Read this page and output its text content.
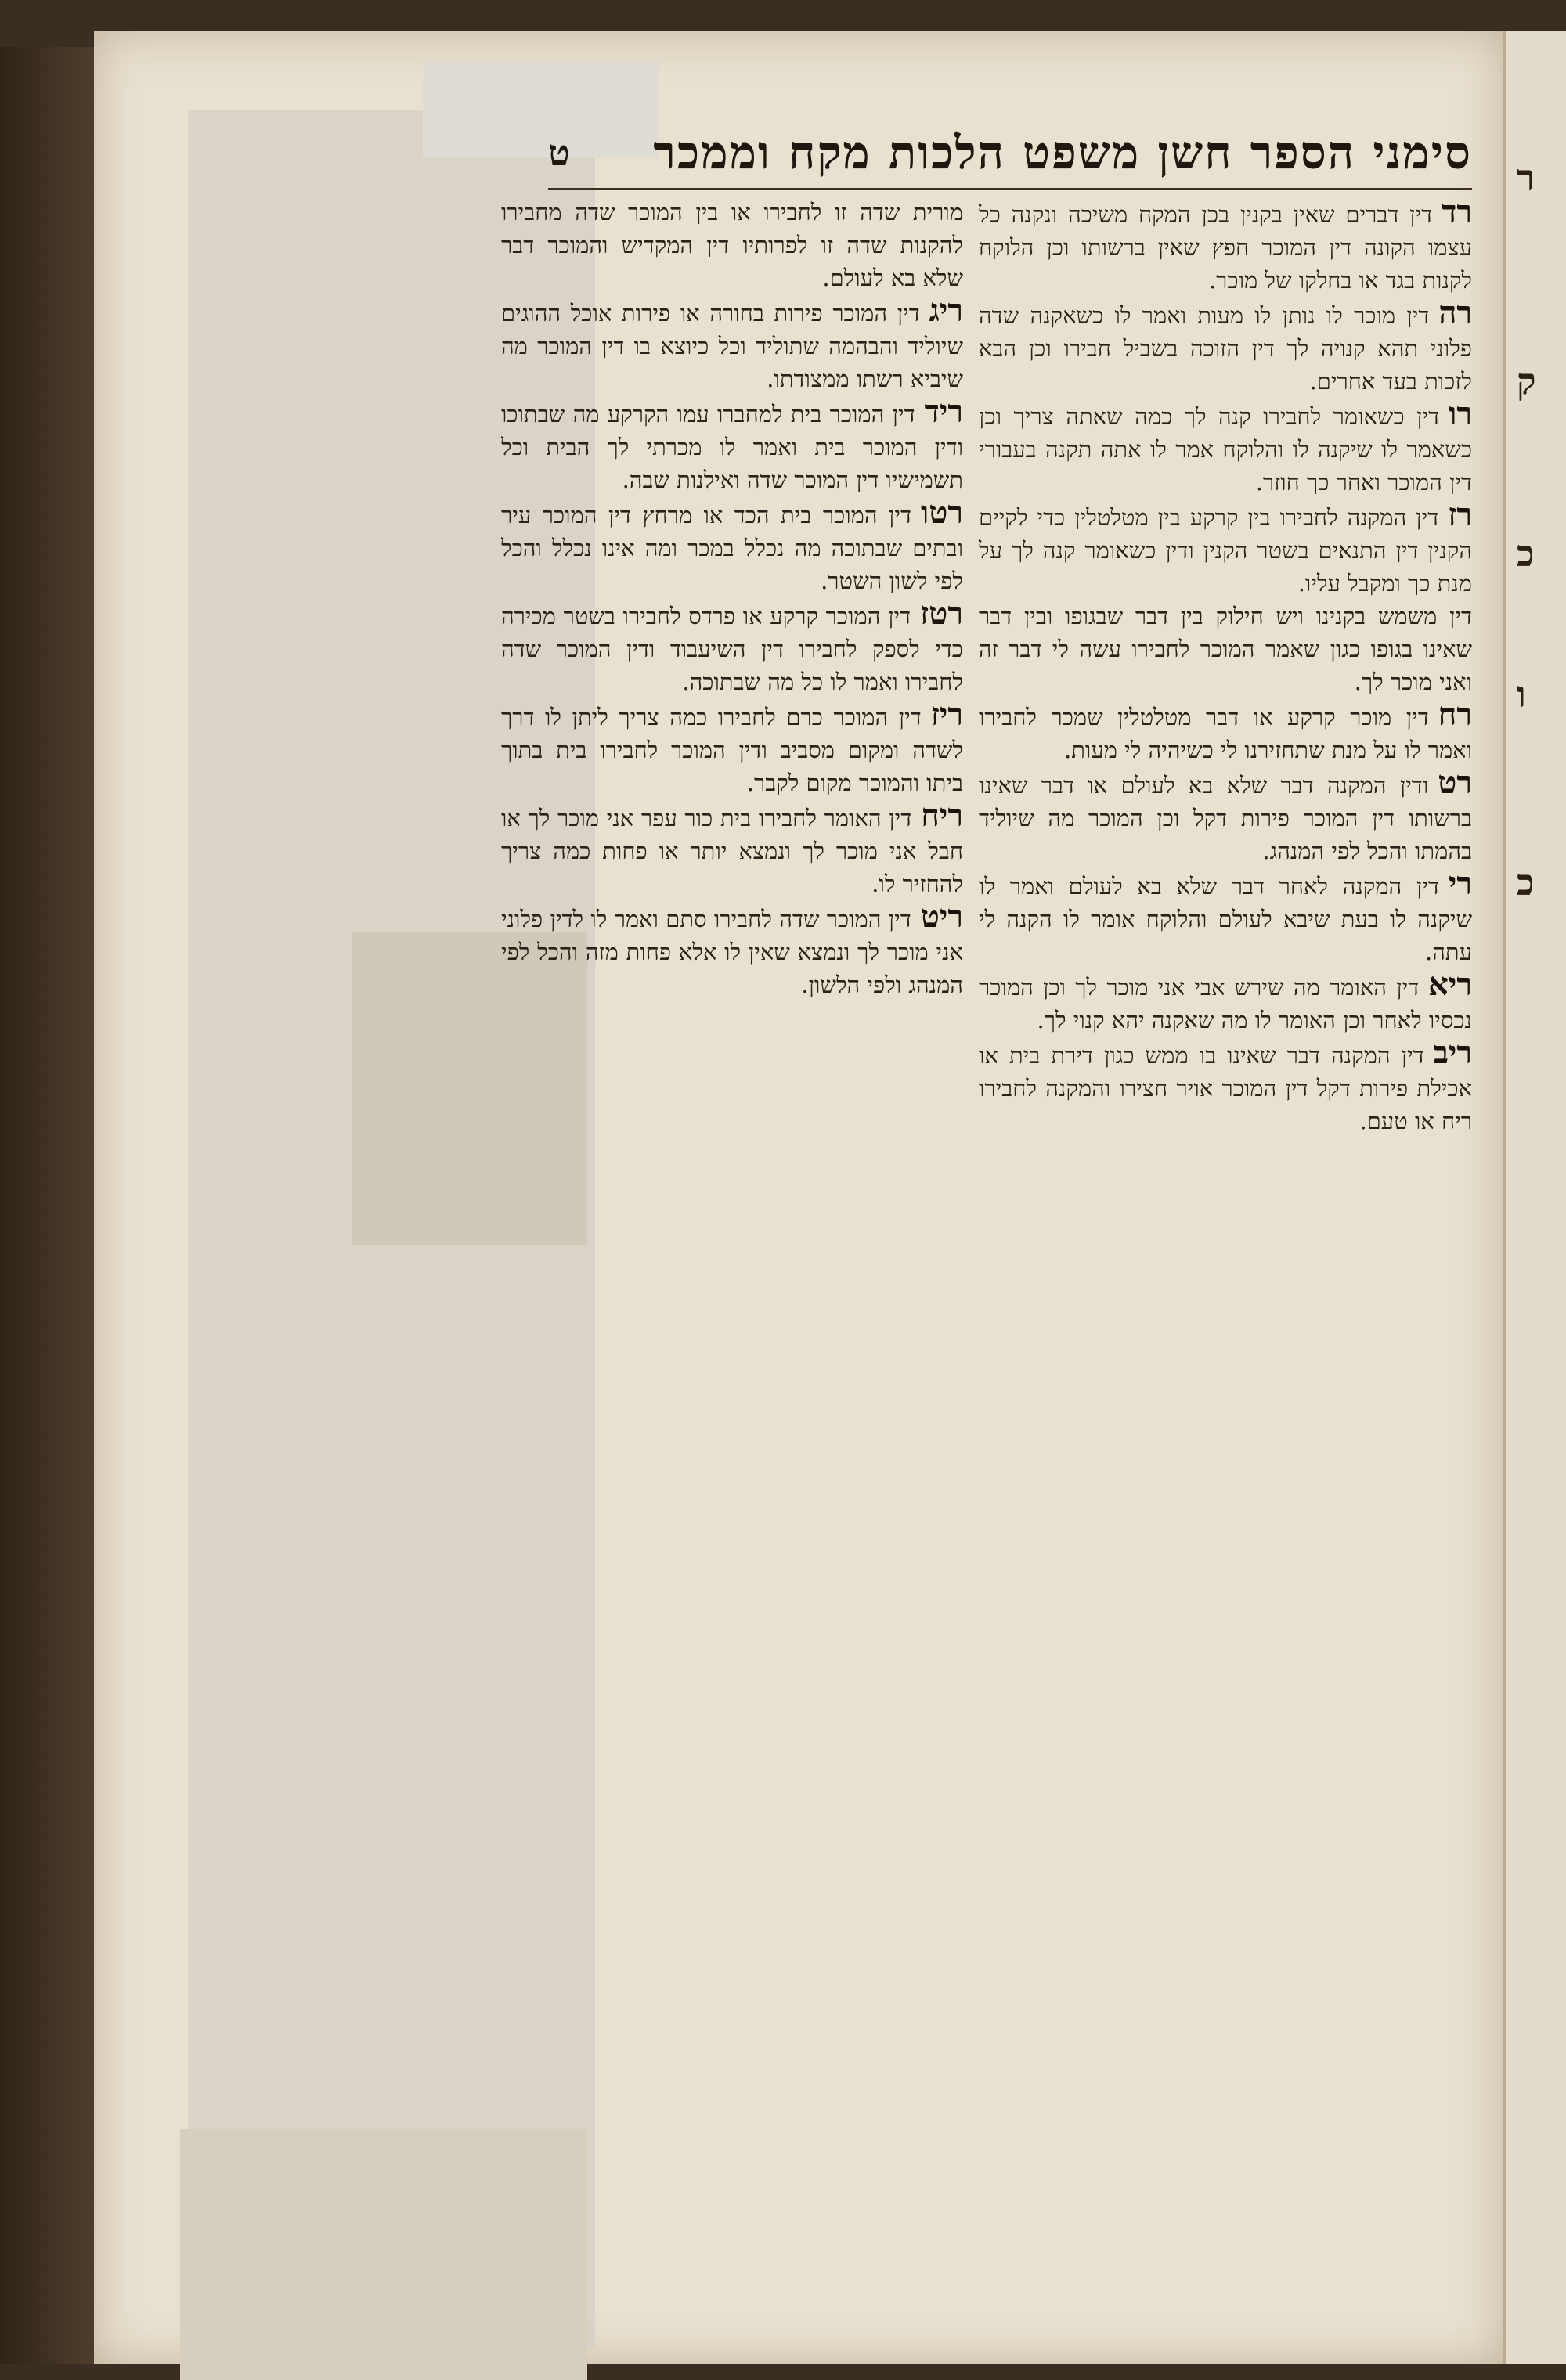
ר
ק
כ
ו
כ
סימני הספר חשן משפט הלכות מקח וממכר
ט

רדדין דברים שאין בקנין בכן המקח משיכה ונקנה כל עצמו הקונה דין המוכר חפץ שאין ברשותו וכן הלוקח לקנות בגד או בחלקו של מוכר.

רהדין מוכר לו נותן לו מעות ואמר לו כשאקנה שדה פלוני תהא קנויה לך דין הזוכה בשביל חבירו וכן הבא לזכות בעד אחרים.

רודין כשאומר לחבירו קנה לך כמה שאתה צריך וכן כשאמר לו שיקנה לו והלוקח אמר לו אתה תקנה בעבורי דין המוכר ואחר כך חוזר.

רזדין המקנה לחבירו בין קרקע בין מטלטלין כדי לקיים הקנין דין התנאים בשטר הקנין ודין כשאומר קנה לך על מנת כך ומקבל עליו.

דין משמש בקנינו ויש חילוק בין דבר שבגופו ובין דבר שאינו בגופו כגון שאמר המוכר לחבירו עשה לי דבר זה ואני מוכר לך.

רחדין מוכר קרקע או דבר מטלטלין שמכר לחבירו ואמר לו על מנת שתחזירנו לי כשיהיה לי מעות.

רטודין המקנה דבר שלא בא לעולם או דבר שאינו ברשותו דין המוכר פירות דקל וכן המוכר מה שיוליד בהמתו והכל לפי המנהג.

רידין המקנה לאחר דבר שלא בא לעולם ואמר לו שיקנה לו בעת שיבא לעולם והלוקח אומר לו הקנה לי עתה.

ריאדין האומר מה שירש אבי אני מוכר לך וכן המוכר נכסיו לאחר וכן האומר לו מה שאקנה יהא קנוי לך.

ריבדין המקנה דבר שאינו בו ממש כגון דירת בית או אכילת פירות דקל דין המוכר אויר חצירו והמקנה לחבירו ריח או טעם.

מורית שדה זו לחבירו או בין המוכר שדה מחבירו להקנות שדה זו לפרותיו דין המקדיש והמוכר דבר שלא בא לעולם.

ריגדין המוכר פירות בחורה או פירות אוכל ההוגים שיוליד והבהמה שתוליד וכל כיוצא בו דין המוכר מה שיביא רשתו ממצודתו.

רידדין המוכר בית למחברו עמו הקרקע מה שבתוכו ודין המוכר בית ואמר לו מכרתי לך הבית וכל תשמישיו דין המוכר שדה ואילנות שבה.

רטודין המוכר בית הכד או מרחץ דין המוכר עיר ובתים שבתוכה מה נכלל במכר ומה אינו נכלל והכל לפי לשון השטר.

רטזדין המוכר קרקע או פרדס לחבירו בשטר מכירה כדי לספק לחבירו דין השיעבוד ודין המוכר שדה לחבירו ואמר לו כל מה שבתוכה.

ריזדין המוכר כרם לחבירו כמה צריך ליתן לו דרך לשדה ומקום מסביב ודין המוכר לחבירו בית בתוך ביתו והמוכר מקום לקבר.

ריחדין האומר לחבירו בית כור עפר אני מוכר לך או חבל אני מוכר לך ונמצא יותר או פחות כמה צריך להחזיר לו.

ריטדין המוכר שדה לחבירו סתם ואמר לו לדין פלוני אני מוכר לך ונמצא שאין לו אלא פחות מזה והכל לפי המנהג ולפי הלשון.
